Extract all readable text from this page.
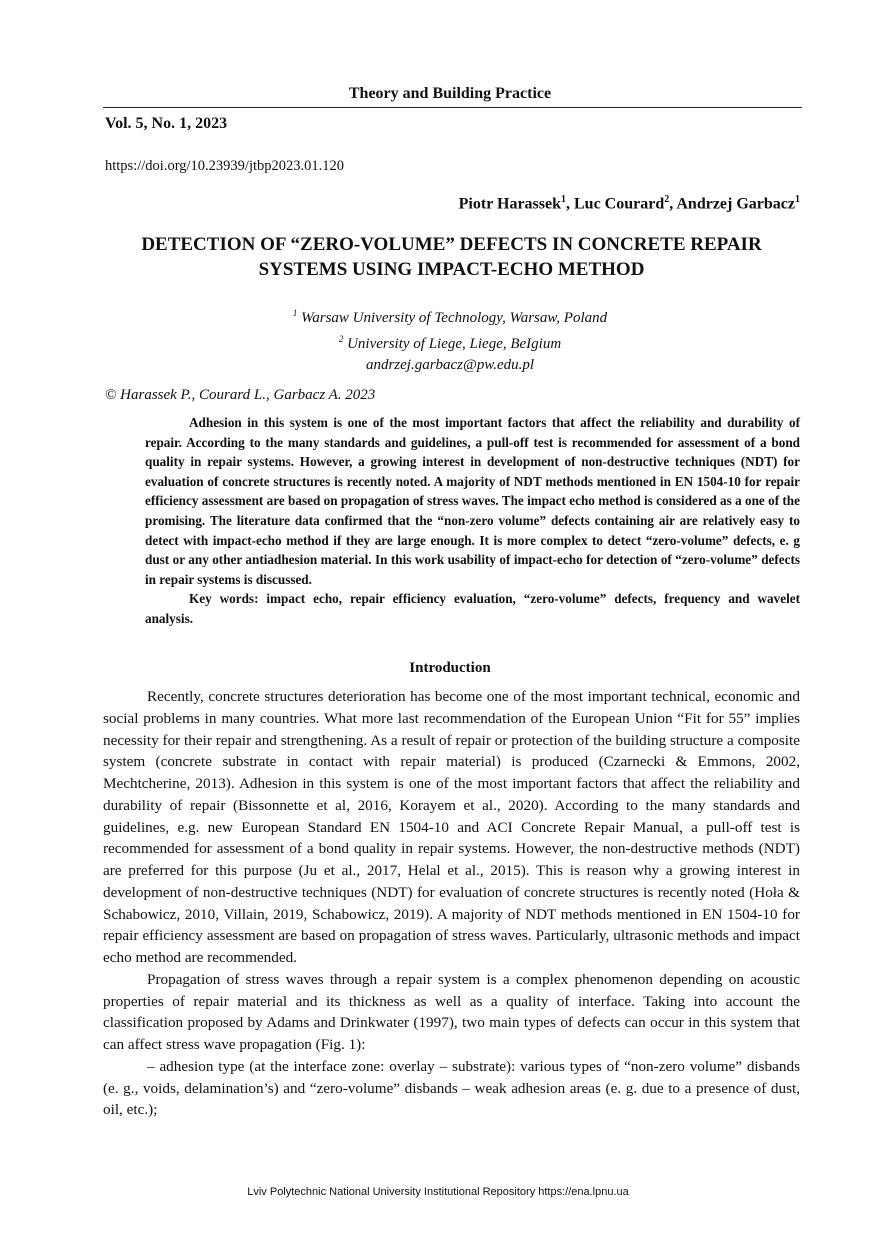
Theory and Building Practice
Vol. 5, No. 1, 2023
https://doi.org/10.23939/jtbp2023.01.120
Piotr Harassek$^1$, Luc Courard$^2$, Andrzej Garbacz$^1$
DETECTION OF “ZERO-VOLUME” DEFECTS IN CONCRETE REPAIR
SYSTEMS USING IMPACT-ECHO METHOD
$^1$ Warsaw University of Technology, Warsaw, Poland
$^2$ University of Liege, Liege, BeIgium
andrzej.garbacz@pw.edu.pl
© Harassek P., Courard L., Garbacz A. 2023

Adhesion in this system is one of the most important factors that affect the reliability and durability of repair. According to the many standards and guidelines, a pull-off test is recommended for assessment of a bond quality in repair systems. However, a growing interest in development of non-destructive techniques (NDT) for evaluation of concrete structures is recently noted. A majority of NDT methods mentioned in EN 1504-10 for repair efficiency assessment are based on propagation of stress waves. The impact echo method is considered as a one of the promising. The literature data confirmed that the “non-zero volume” defects containing air are relatively easy to detect with impact-echo method if they are large enough. It is more complex to detect “zero-volume” defects, e. g dust or any other antiadhesion material. In this work usability of impact-echo for detection of “zero-volume” defects in repair systems is discussed.

Key words: impact echo, repair efficiency evaluation, “zero-volume” defects, frequency and wavelet analysis.

Introduction

Recently, concrete structures deterioration has become one of the most important technical, economic and social problems in many countries. What more last recommendation of the European Union “Fit for 55” implies necessity for their repair and strengthening. As a result of repair or protection of the building structure a composite system (concrete substrate in contact with repair material) is produced (Czarnecki & Emmons, 2002, Mechtcherine, 2013). Adhesion in this system is one of the most important factors that affect the reliability and durability of repair (Bissonnette et al, 2016, Korayem et al., 2020). According to the many standards and guidelines, e.g. new European Standard EN 1504-10 and ACI Concrete Repair Manual, a pull-off test is recommended for assessment of a bond quality in repair systems. However, the non-destructive methods (NDT) are preferred for this purpose (Ju et al., 2017, Helal et al., 2015). This is reason why a growing interest in development of non-destructive techniques (NDT) for evaluation of concrete structures is recently noted (Hoła & Schabowicz, 2010, Villain, 2019, Schabowicz, 2019). A majority of NDT methods mentioned in EN 1504-10 for repair efficiency assessment are based on propagation of stress waves. Particularly, ultrasonic methods and impact echo method are recommended.

Propagation of stress waves through a repair system is a complex phenomenon depending on acoustic properties of repair material and its thickness as well as a quality of interface. Taking into account the classification proposed by Adams and Drinkwater (1997), two main types of defects can occur in this system that can affect stress wave propagation (Fig. 1):

– adhesion type (at the interface zone: overlay – substrate): various types of “non-zero volume” disbands (e. g., voids, delamination’s) and “zero-volume” disbands – weak adhesion areas (e. g. due to a presence of dust, oil, etc.);

Lviv Polytechnic National University Institutional Repository https://ena.lpnu.ua
